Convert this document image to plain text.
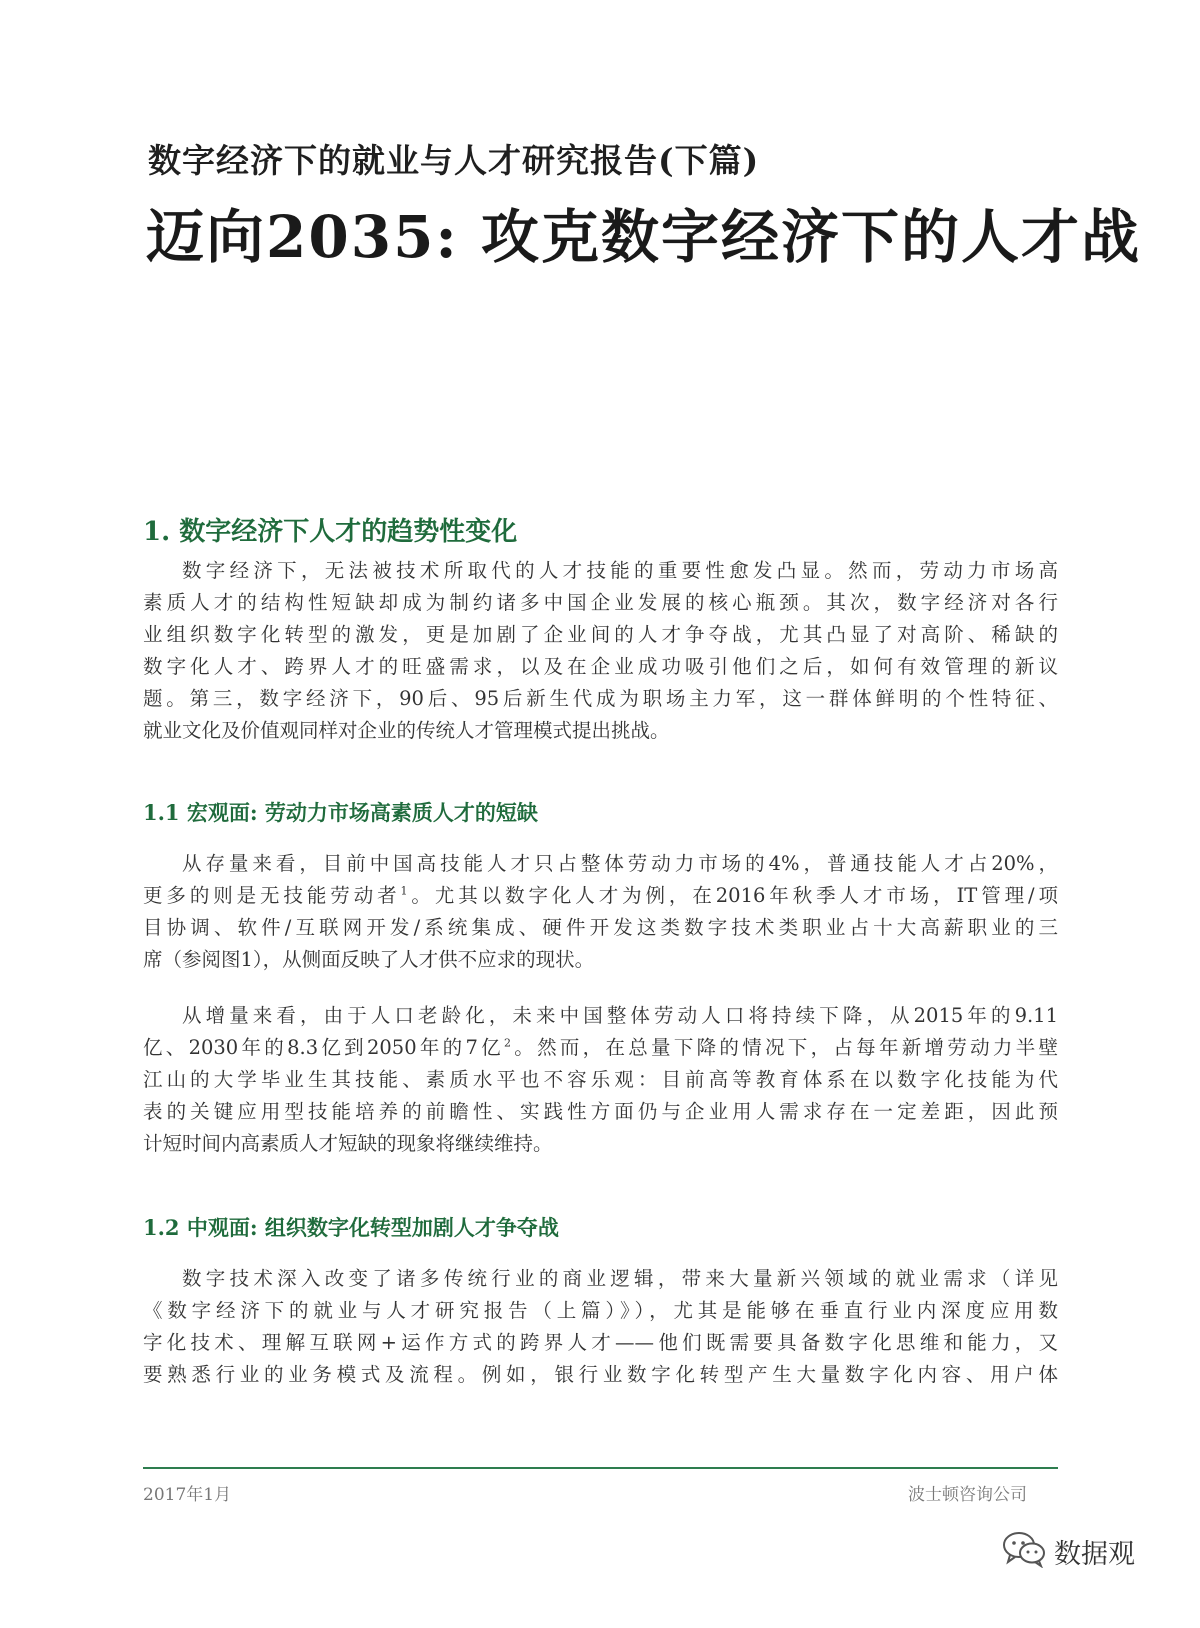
数字经济下的就业与人才研究报告(下篇)
迈向2035: 攻克数字经济下的人才战
1. 数字经济下人才的趋势性变化
数字经济下，无法被技术所取代的人才技能的重要性愈发凸显。然而，劳动力市场高
素质人才的结构性短缺却成为制约诸多中国企业发展的核心瓶颈。其次，数字经济对各行
业组织数字化转型的激发，更是加剧了企业间的人才争夺战，尤其凸显了对高阶、稀缺的
数字化人才、跨界人才的旺盛需求，以及在企业成功吸引他们之后，如何有效管理的新议
题。第三，数字经济下，90后、95后新生代成为职场主力军，这一群体鲜明的个性特征、
就业文化及价值观同样对企业的传统人才管理模式提出挑战。
1.1 宏观面: 劳动力市场高素质人才的短缺
从存量来看，目前中国高技能人才只占整体劳动力市场的4%，普通技能人才占20%，
更多的则是无技能劳动者$^1$。尤其以数字化人才为例，在2016年秋季人才市场，IT管理/项
目协调、软件/互联网开发/系统集成、硬件开发这类数字技术类职业占十大高薪职业的三
席（参阅图1），从侧面反映了人才供不应求的现状。
从增量来看，由于人口老龄化，未来中国整体劳动人口将持续下降，从2015年的9.11
亿、2030年的8.3亿到2050年的7亿$^2$。然而，在总量下降的情况下，占每年新增劳动力半壁
江山的大学毕业生其技能、素质水平也不容乐观：目前高等教育体系在以数字化技能为代
表的关键应用型技能培养的前瞻性、实践性方面仍与企业用人需求存在一定差距，因此预
计短时间内高素质人才短缺的现象将继续维持。
1.2 中观面: 组织数字化转型加剧人才争夺战
数字技术深入改变了诸多传统行业的商业逻辑，带来大量新兴领域的就业需求（详见
《数字经济下的就业与人才研究报告（上篇）》），尤其是能够在垂直行业内深度应用数
字化技术、理解互联网+运作方式的跨界人才——他们既需要具备数字化思维和能力，又
要熟悉行业的业务模式及流程。例如，银行业数字化转型产生大量数字化内容、用户体
2017年1月	波士顿咨询公司
数据观
